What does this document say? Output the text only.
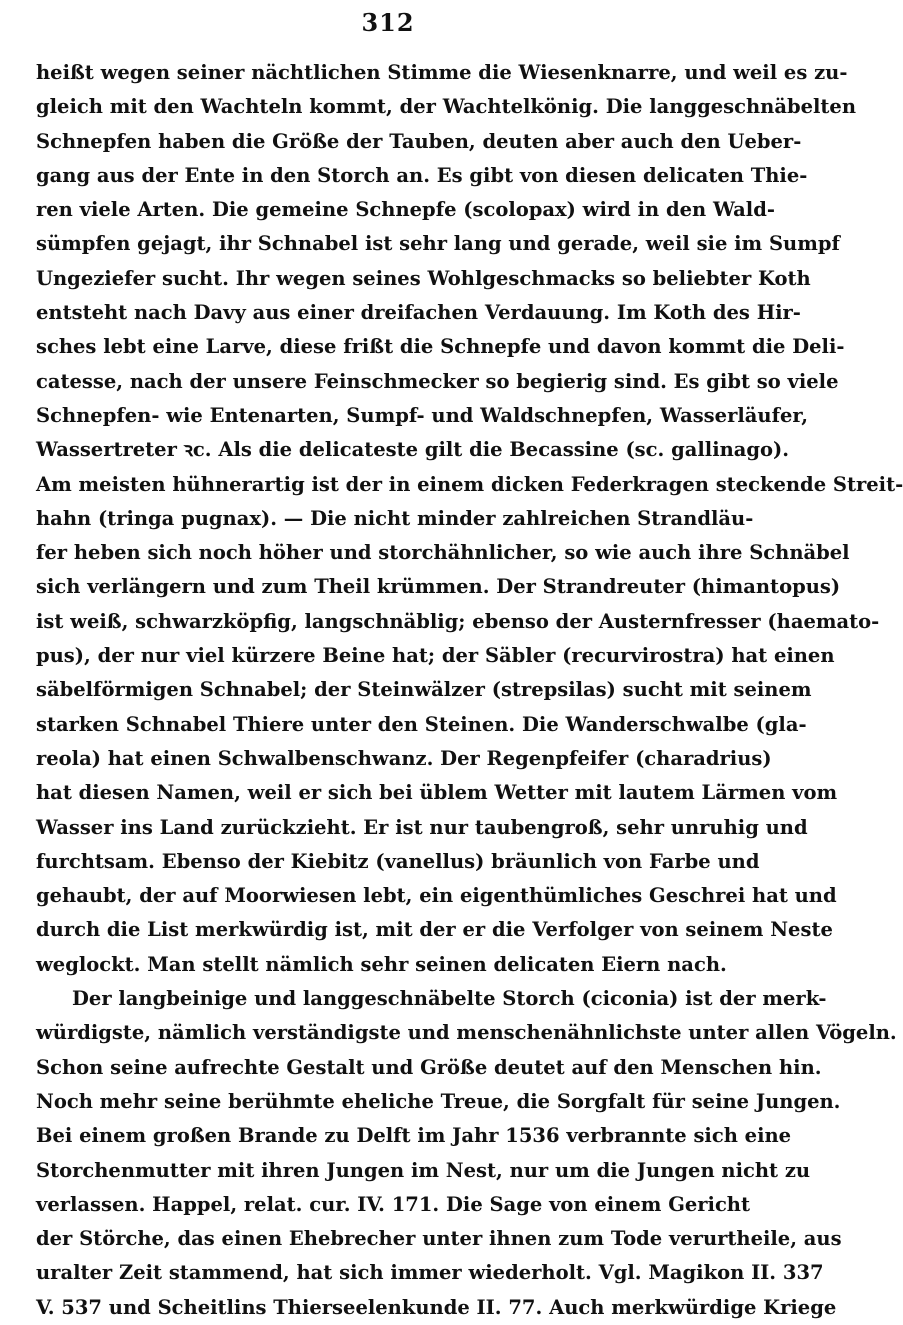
312
heißt wegen seiner nächtlichen Stimme die Wiesenknarre, und weil es zu-
gleich mit den Wachteln kommt, der Wachtelkönig. Die langgeschnäbelten
Schnepfen haben die Größe der Tauben, deuten aber auch den Ueber-
gang aus der Ente in den Storch an. Es gibt von diesen delicaten Thie-
ren viele Arten. Die gemeine Schnepfe (scolopax) wird in den Wald-
sümpfen gejagt, ihr Schnabel ist sehr lang und gerade, weil sie im Sumpf
Ungeziefer sucht. Ihr wegen seines Wohlgeschmacks so beliebter Koth
entsteht nach Davy aus einer dreifachen Verdauung. Im Koth des Hir-
sches lebt eine Larve, diese frißt die Schnepfe und davon kommt die Deli-
catesse, nach der unsere Feinschmecker so begierig sind. Es gibt so viele
Schnepfen- wie Entenarten, Sumpf- und Waldschnepfen, Wasserläufer,
Wassertreter ꝛc. Als die delicateste gilt die Becassine (sc. gallinago).
Am meisten hühnerartig ist der in einem dicken Federkragen steckende Streit-
hahn (tringa pugnax). — Die nicht minder zahlreichen Strandläu-
fer heben sich noch höher und storchähnlicher, so wie auch ihre Schnäbel
sich verlängern und zum Theil krümmen. Der Strandreuter (himantopus)
ist weiß, schwarzköpfig, langschnäblig; ebenso der Austernfresser (haemato-
pus), der nur viel kürzere Beine hat; der Säbler (recurvirostra) hat einen
säbelförmigen Schnabel; der Steinwälzer (strepsilas) sucht mit seinem
starken Schnabel Thiere unter den Steinen. Die Wanderschwalbe (gla-
reola) hat einen Schwalbenschwanz. Der Regenpfeifer (charadrius)
hat diesen Namen, weil er sich bei üblem Wetter mit lautem Lärmen vom
Wasser ins Land zurückzieht. Er ist nur taubengroß, sehr unruhig und
furchtsam. Ebenso der Kiebitz (vanellus) bräunlich von Farbe und
gehaubt, der auf Moorwiesen lebt, ein eigenthümliches Geschrei hat und
durch die List merkwürdig ist, mit der er die Verfolger von seinem Neste
weglockt. Man stellt nämlich sehr seinen delicaten Eiern nach.
Der langbeinige und langgeschnäbelte Storch (ciconia) ist der merk-
würdigste, nämlich verständigste und menschenähnlichste unter allen Vögeln.
Schon seine aufrechte Gestalt und Größe deutet auf den Menschen hin.
Noch mehr seine berühmte eheliche Treue, die Sorgfalt für seine Jungen.
Bei einem großen Brande zu Delft im Jahr 1536 verbrannte sich eine
Storchenmutter mit ihren Jungen im Nest, nur um die Jungen nicht zu
verlassen. Happel, relat. cur. IV. 171. Die Sage von einem Gericht
der Störche, das einen Ehebrecher unter ihnen zum Tode verurtheile, aus
uralter Zeit stammend, hat sich immer wiederholt. Vgl. Magikon II. 337
V. 537 und Scheitlins Thierseelenkunde II. 77. Auch merkwürdige Kriege
